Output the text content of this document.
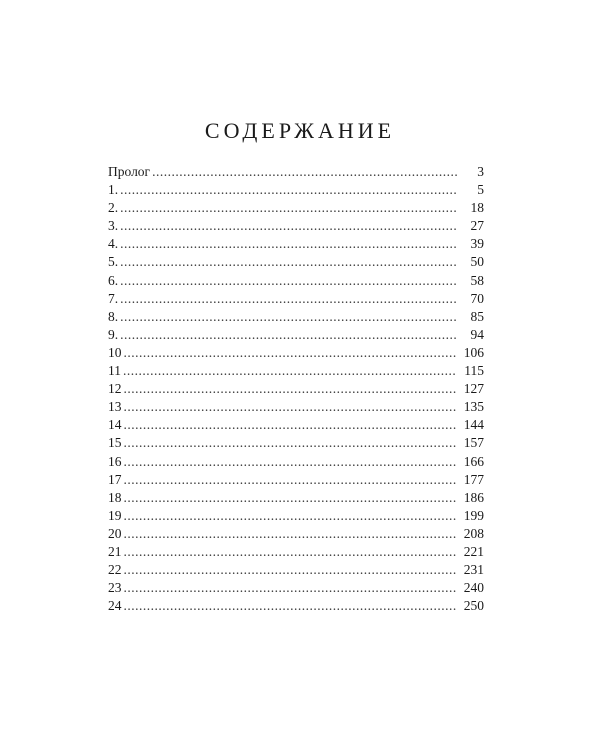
СОДЕРЖАНИЕ
Пролог .....	3
1. .....	5
2. .....	18
3. .....	27
4. .....	39
5. .....	50
6. .....	58
7. .....	70
8. .....	85
9. .....	94
10 .....	106
11 .....	115
12 .....	127
13 .....	135
14 .....	144
15 .....	157
16 .....	166
17 .....	177
18 .....	186
19 .....	199
20 .....	208
21 .....	221
22 .....	231
23 .....	240
24 .....	250
